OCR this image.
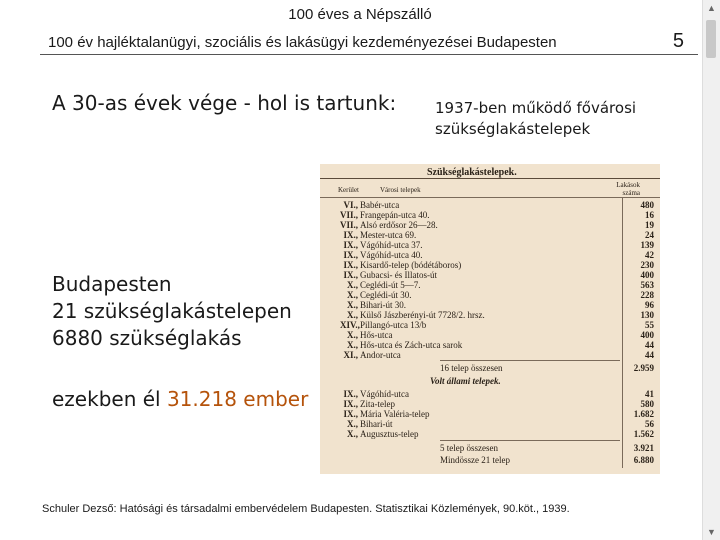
100 éves a Népszálló
100 év hajléktalanügyi, szociális és lakásügyi kezdeményezései Budapesten	5
▲
▼
A 30-as évek vége - hol is tartunk:
Budapesten
21 szükséglakástelepen
6880 szükséglakás
ezekben él 31.218 ember
1937-ben működő fővárosi
szükséglakástelepek
Szükséglakástelepek.
Kerület	Városi telepek
Lakások száma
VI., Babér-utca	480
VII., Frangepán-utca 40.	16
VII., Alsó erdősor 26—28.	19
IX., Mester-utca 69.	24
IX., Vágóhíd-utca 37.	139
IX., Vágóhíd-utca 40.	42
IX., Kisardő-telep (bódétáboros)	230
IX., Gubacsi- és Illatos-út	400
X., Ceglédi-út 5—7.	563
X., Ceglédi-út 30.	228
X., Bihari-út 30.	96
X., Külső Jászberényi-út 7728/2. hrsz.	130
XIV., Pillangó-utca 13/b	55
X., Hős-utca	400
X., Hős-utca és Zách-utca sarok	44
XI., Andor-utca	44
16 telep összesen	2.959
Volt állami telepek.
IX., Vágóhíd-utca	41
IX., Zita-telep	580
IX., Mária Valéria-telep	1.682
X., Bihari-út	56
X., Augusztus-telep	1.562
5 telep összesen	3.921
Mindössze 21 telep	6.880
Schuler Dezső: Hatósági és társadalmi embervédelem Budapesten. Statisztikai Közlemények, 90.köt., 1939.
